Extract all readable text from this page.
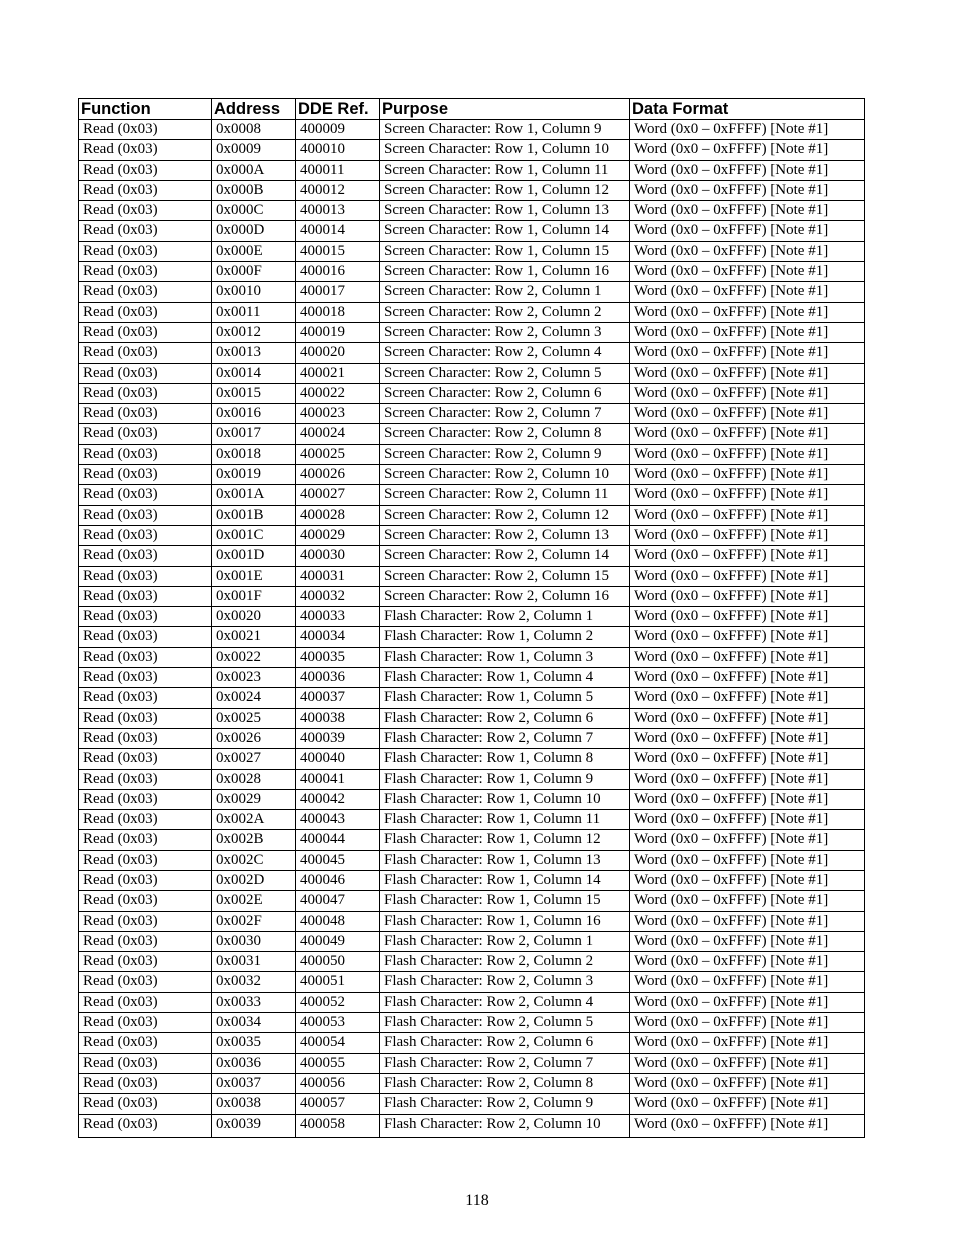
Function	Address	DDE Ref.	Purpose	Data Format
Read (0x03)	0x0008	400009	Screen Character: Row 1, Column 9	Word (0x0 – 0xFFFF) [Note #1]
Read (0x03)	0x0009	400010	Screen Character: Row 1, Column 10	Word (0x0 – 0xFFFF) [Note #1]
Read (0x03)	0x000A	400011	Screen Character: Row 1, Column 11	Word (0x0 – 0xFFFF) [Note #1]
Read (0x03)	0x000B	400012	Screen Character: Row 1, Column 12	Word (0x0 – 0xFFFF) [Note #1]
Read (0x03)	0x000C	400013	Screen Character: Row 1, Column 13	Word (0x0 – 0xFFFF) [Note #1]
Read (0x03)	0x000D	400014	Screen Character: Row 1, Column 14	Word (0x0 – 0xFFFF) [Note #1]
Read (0x03)	0x000E	400015	Screen Character: Row 1, Column 15	Word (0x0 – 0xFFFF) [Note #1]
Read (0x03)	0x000F	400016	Screen Character: Row 1, Column 16	Word (0x0 – 0xFFFF) [Note #1]
Read (0x03)	0x0010	400017	Screen Character: Row 2, Column 1	Word (0x0 – 0xFFFF) [Note #1]
Read (0x03)	0x0011	400018	Screen Character: Row 2, Column 2	Word (0x0 – 0xFFFF) [Note #1]
Read (0x03)	0x0012	400019	Screen Character: Row 2, Column 3	Word (0x0 – 0xFFFF) [Note #1]
Read (0x03)	0x0013	400020	Screen Character: Row 2, Column 4	Word (0x0 – 0xFFFF) [Note #1]
Read (0x03)	0x0014	400021	Screen Character: Row 2, Column 5	Word (0x0 – 0xFFFF) [Note #1]
Read (0x03)	0x0015	400022	Screen Character: Row 2, Column 6	Word (0x0 – 0xFFFF) [Note #1]
Read (0x03)	0x0016	400023	Screen Character: Row 2, Column 7	Word (0x0 – 0xFFFF) [Note #1]
Read (0x03)	0x0017	400024	Screen Character: Row 2, Column 8	Word (0x0 – 0xFFFF) [Note #1]
Read (0x03)	0x0018	400025	Screen Character: Row 2, Column 9	Word (0x0 – 0xFFFF) [Note #1]
Read (0x03)	0x0019	400026	Screen Character: Row 2, Column 10	Word (0x0 – 0xFFFF) [Note #1]
Read (0x03)	0x001A	400027	Screen Character: Row 2, Column 11	Word (0x0 – 0xFFFF) [Note #1]
Read (0x03)	0x001B	400028	Screen Character: Row 2, Column 12	Word (0x0 – 0xFFFF) [Note #1]
Read (0x03)	0x001C	400029	Screen Character: Row 2, Column 13	Word (0x0 – 0xFFFF) [Note #1]
Read (0x03)	0x001D	400030	Screen Character: Row 2, Column 14	Word (0x0 – 0xFFFF) [Note #1]
Read (0x03)	0x001E	400031	Screen Character: Row 2, Column 15	Word (0x0 – 0xFFFF) [Note #1]
Read (0x03)	0x001F	400032	Screen Character: Row 2, Column 16	Word (0x0 – 0xFFFF) [Note #1]
Read (0x03)	0x0020	400033	Flash Character: Row 2, Column 1	Word (0x0 – 0xFFFF) [Note #1]
Read (0x03)	0x0021	400034	Flash Character: Row 1, Column 2	Word (0x0 – 0xFFFF) [Note #1]
Read (0x03)	0x0022	400035	Flash Character: Row 1, Column 3	Word (0x0 – 0xFFFF) [Note #1]
Read (0x03)	0x0023	400036	Flash Character: Row 1, Column 4	Word (0x0 – 0xFFFF) [Note #1]
Read (0x03)	0x0024	400037	Flash Character: Row 1, Column 5	Word (0x0 – 0xFFFF) [Note #1]
Read (0x03)	0x0025	400038	Flash Character: Row 2, Column 6	Word (0x0 – 0xFFFF) [Note #1]
Read (0x03)	0x0026	400039	Flash Character: Row 2, Column 7	Word (0x0 – 0xFFFF) [Note #1]
Read (0x03)	0x0027	400040	Flash Character: Row 1, Column 8	Word (0x0 – 0xFFFF) [Note #1]
Read (0x03)	0x0028	400041	Flash Character: Row 1, Column 9	Word (0x0 – 0xFFFF) [Note #1]
Read (0x03)	0x0029	400042	Flash Character: Row 1, Column 10	Word (0x0 – 0xFFFF) [Note #1]
Read (0x03)	0x002A	400043	Flash Character: Row 1, Column 11	Word (0x0 – 0xFFFF) [Note #1]
Read (0x03)	0x002B	400044	Flash Character: Row 1, Column 12	Word (0x0 – 0xFFFF) [Note #1]
Read (0x03)	0x002C	400045	Flash Character: Row 1, Column 13	Word (0x0 – 0xFFFF) [Note #1]
Read (0x03)	0x002D	400046	Flash Character: Row 1, Column 14	Word (0x0 – 0xFFFF) [Note #1]
Read (0x03)	0x002E	400047	Flash Character: Row 1, Column 15	Word (0x0 – 0xFFFF) [Note #1]
Read (0x03)	0x002F	400048	Flash Character: Row 1, Column 16	Word (0x0 – 0xFFFF) [Note #1]
Read (0x03)	0x0030	400049	Flash Character: Row 2, Column 1	Word (0x0 – 0xFFFF) [Note #1]
Read (0x03)	0x0031	400050	Flash Character: Row 2, Column 2	Word (0x0 – 0xFFFF) [Note #1]
Read (0x03)	0x0032	400051	Flash Character: Row 2, Column 3	Word (0x0 – 0xFFFF) [Note #1]
Read (0x03)	0x0033	400052	Flash Character: Row 2, Column 4	Word (0x0 – 0xFFFF) [Note #1]
Read (0x03)	0x0034	400053	Flash Character: Row 2, Column 5	Word (0x0 – 0xFFFF) [Note #1]
Read (0x03)	0x0035	400054	Flash Character: Row 2, Column 6	Word (0x0 – 0xFFFF) [Note #1]
Read (0x03)	0x0036	400055	Flash Character: Row 2, Column 7	Word (0x0 – 0xFFFF) [Note #1]
Read (0x03)	0x0037	400056	Flash Character: Row 2, Column 8	Word (0x0 – 0xFFFF) [Note #1]
Read (0x03)	0x0038	400057	Flash Character: Row 2, Column 9	Word (0x0 – 0xFFFF) [Note #1]
Read (0x03)	0x0039	400058	Flash Character: Row 2, Column 10	Word (0x0 – 0xFFFF) [Note #1]
118
